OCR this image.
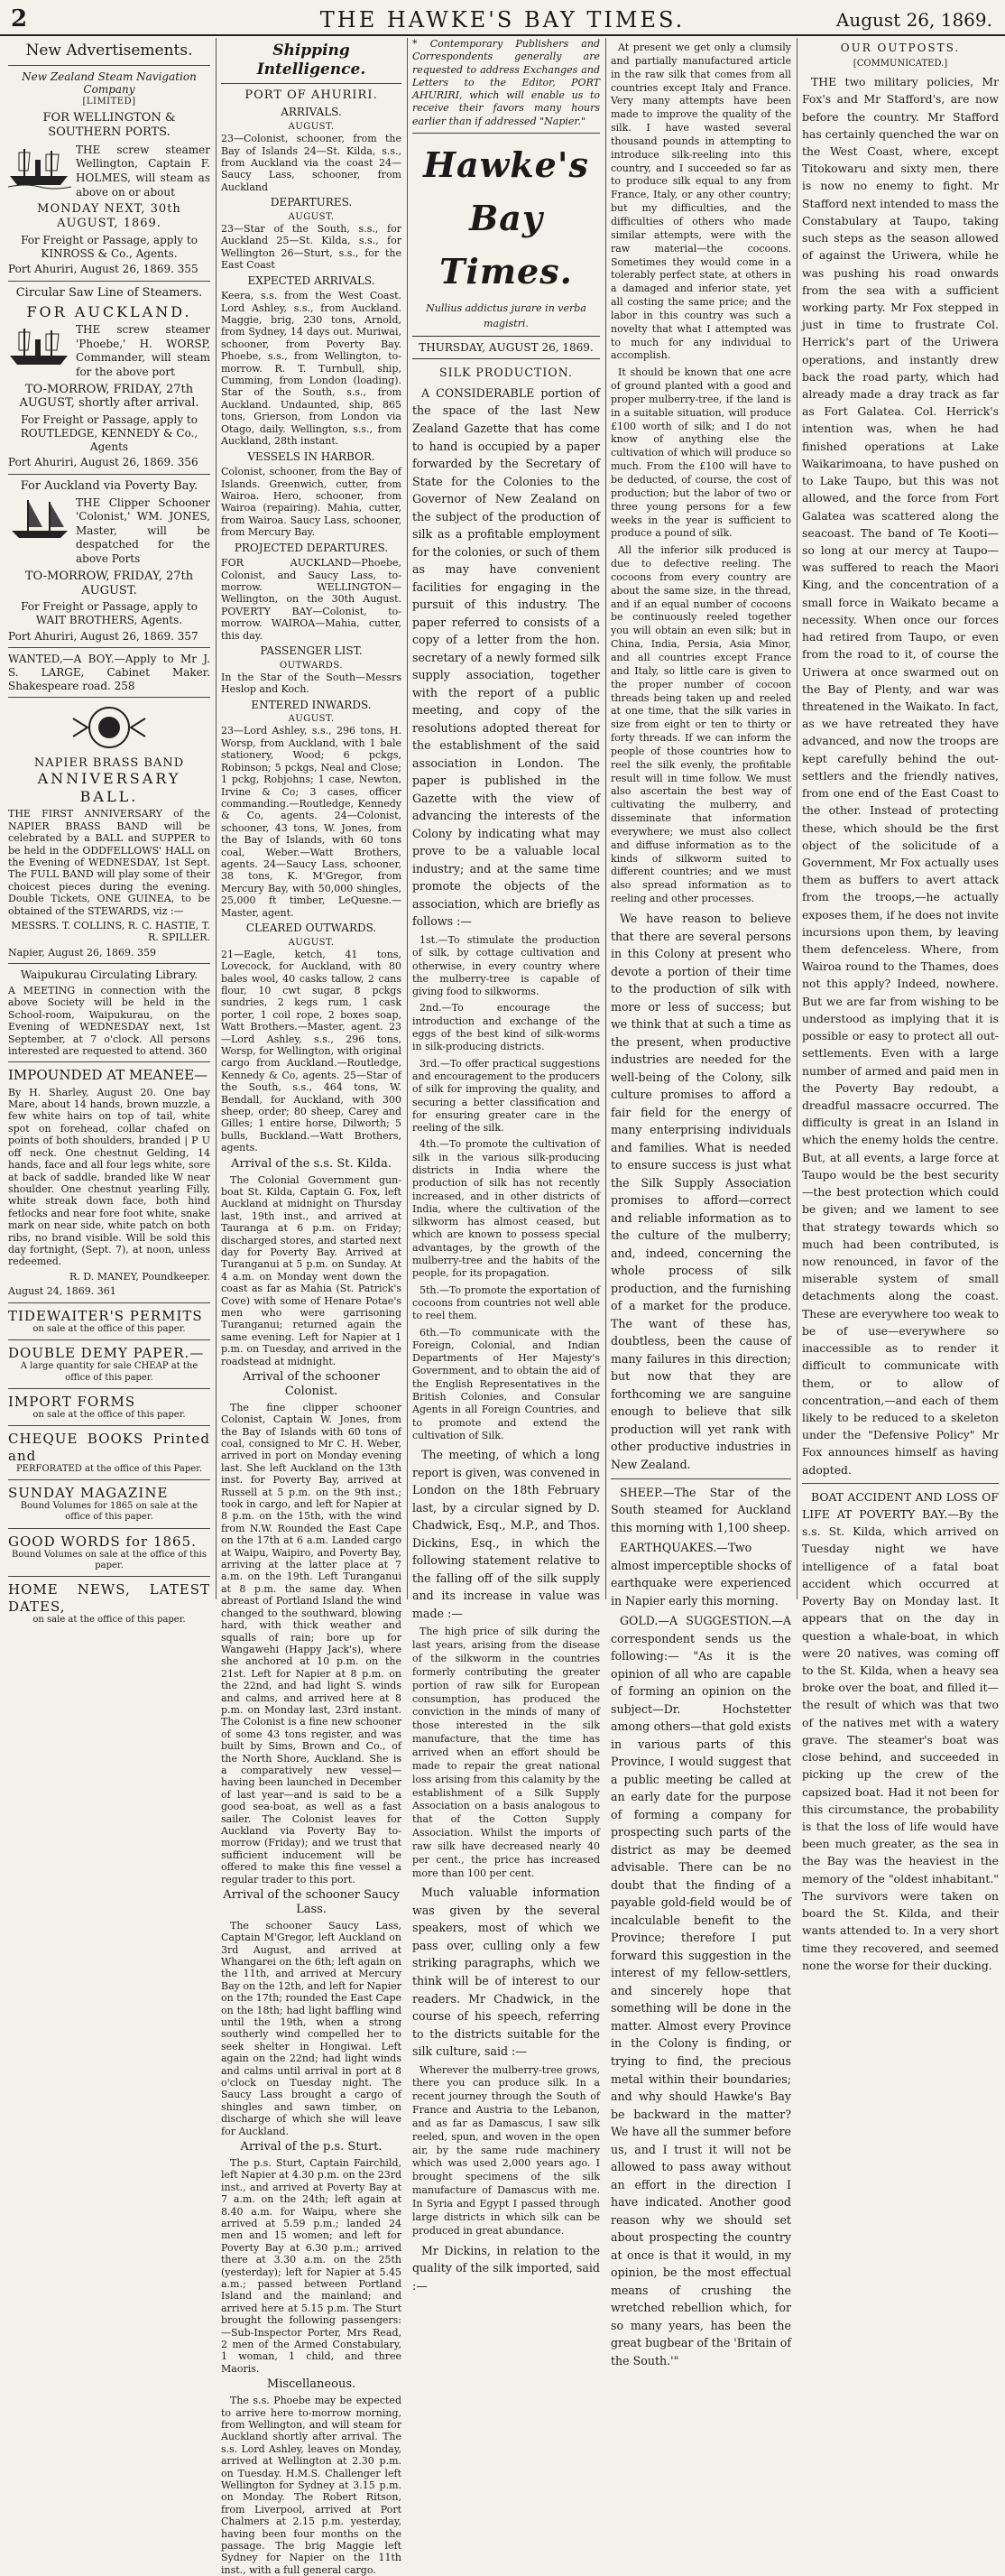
2	THE HAWKE'S BAY TIMES.	August 26, 1869.
New Advertisements.
New Zealand Steam Navigation Company
[LIMITED]
FOR WELLINGTON & SOUTHERN PORTS.
THE screw steamer Wellington, Captain F. HOLMES, will steam as above on or about
MONDAY NEXT, 30th AUGUST, 1869.
For Freight or Passage, apply to KINROSS & Co., Agents.
Port Ahuriri, August 26, 1869. 355
Circular Saw Line of Steamers.
FOR AUCKLAND.
THE screw steamer 'Phoebe,' H. WORSP, Commander, will steam for the above port
TO-MORROW, FRIDAY, 27th AUGUST, shortly after arrival.
For Freight or Passage, apply to ROUTLEDGE, KENNEDY & Co., Agents
Port Ahuriri, August 26, 1869. 356
For Auckland via Poverty Bay.
THE Clipper Schooner 'Colonist,' WM. JONES, Master, will be despatched for the above Ports
TO-MORROW, FRIDAY, 27th AUGUST.
For Freight or Passage, apply to WAIT BROTHERS, Agents.
Port Ahuriri, August 26, 1869. 357
WANTED,—A BOY.—Apply to Mr J. S. LARGE, Cabinet Maker. Shakespeare road. 258
NAPIER BRASS BAND
ANNIVERSARY BALL.
THE FIRST ANNIVERSARY of the NAPIER BRASS BAND will be celebrated by a BALL and SUPPER to be held in the ODDFELLOWS' HALL on the Evening of WEDNESDAY, 1st Sept. The FULL BAND will play some of their choicest pieces during the evening. Double Tickets, ONE GUINEA, to be obtained of the STEWARDS, viz :—
MESSRS. T. COLLINS, R. C. HASTIE, T. R. SPILLER.
Napier, August 26, 1869. 359
Waipukurau Circulating Library.
A MEETING in connection with the above Society will be held in the School-room, Waipukurau, on the Evening of WEDNESDAY next, 1st September, at 7 o'clock. All persons interested are requested to attend. 360
IMPOUNDED AT MEANEE—
By H. Sharley, August 20. One bay Mare, about 14 hands, brown muzzle, a few white hairs on top of tail, white spot on forehead, collar chafed on points of both shoulders, branded | P U off neck. One chestnut Gelding, 14 hands, face and all four legs white, sore at back of saddle, branded like W near shoulder. One chestnut yearling Filly, white streak down face, both hind fetlocks and near fore foot white, snake mark on near side, white patch on both ribs, no brand visible. Will be sold this day fortnight, (Sept. 7), at noon, unless redeemed.
R. D. MANEY, Poundkeeper.
August 24, 1869. 361
TIDEWAITER'S PERMITS
on sale at the office of this paper.
DOUBLE DEMY PAPER.—
A large quantity for sale CHEAP at the office of this paper.
IMPORT FORMS
on sale at the office of this paper.
CHEQUE BOOKS Printed and
PERFORATED at the office of this Paper.
SUNDAY MAGAZINE
Bound Volumes for 1865 on sale at the office of this paper.
GOOD WORDS for 1865.
Bound Volumes on sale at the office of this paper.
HOME NEWS, LATEST DATES,
on sale at the office of this paper.
Shipping Intelligence.
PORT OF AHURIRI.
ARRIVALS.
AUGUST.
23—Colonist, schooner, from the Bay of Islands 24—St. Kilda, s.s., from Auckland via the coast 24—Saucy Lass, schooner, from Auckland
DEPARTURES.
AUGUST.
23—Star of the South, s.s., for Auckland 25—St. Kilda, s.s., for Wellington 26—Sturt, s.s., for the East Coast
EXPECTED ARRIVALS.
Keera, s.s. from the West Coast. Lord Ashley, s.s., from Auckland. Maggie, brig, 230 tons, Arnold, from Sydney, 14 days out. Muriwai, schooner, from Poverty Bay. Phoebe, s.s., from Wellington, to-morrow. R. T. Turnbull, ship, Cumming, from London (loading). Star of the South, s.s., from Auckland. Undaunted, ship, 865 tons, Grierson, from London via Otago, daily. Wellington, s.s., from Auckland, 28th instant.
VESSELS IN HARBOR.
Colonist, schooner, from the Bay of Islands. Greenwich, cutter, from Wairoa. Hero, schooner, from Wairoa (repairing). Mahia, cutter, from Wairoa. Saucy Lass, schooner, from Mercury Bay.
PROJECTED DEPARTURES.
FOR AUCKLAND—Phoebe, Colonist, and Saucy Lass, to-morrow. WELLINGTON—Wellington, on the 30th August. POVERTY BAY—Colonist, to-morrow. WAIROA—Mahia, cutter, this day.
PASSENGER LIST.
OUTWARDS.
In the Star of the South—Messrs Heslop and Koch.
ENTERED INWARDS.
AUGUST.
23—Lord Ashley, s.s., 296 tons, H. Worsp, from Auckland, with 1 bale stationery, Wood; 6 pckgs, Robinson; 5 pckgs, Neal and Close; 1 pckg, Robjohns; 1 case, Newton, Irvine & Co; 3 cases, officer commanding.—Routledge, Kennedy & Co, agents. 24—Colonist, schooner, 43 tons, W. Jones, from the Bay of Islands, with 60 tons coal, Weber.—Watt Brothers, agents. 24—Saucy Lass, schooner, 38 tons, K. M'Gregor, from Mercury Bay, with 50,000 shingles, 25,000 ft timber, LeQuesne.—Master, agent.
CLEARED OUTWARDS.
AUGUST.
21—Eagle, ketch, 41 tons, Lovecock, for Auckland, with 80 bales wool, 40 casks tallow, 2 cans flour, 10 cwt sugar, 8 pckgs sundries, 2 kegs rum, 1 cask porter, 1 coil rope, 2 boxes soap, Watt Brothers.—Master, agent. 23—Lord Ashley, s.s., 296 tons, Worsp, for Wellington, with original cargo from Auckland.—Routledge, Kennedy & Co, agents. 25—Star of the South, s.s., 464 tons, W. Bendall, for Auckland, with 300 sheep, order; 80 sheep, Carey and Gilles; 1 entire horse, Dilworth; 5 bulls, Buckland.—Watt Brothers, agents.
Arrival of the s.s. St. Kilda.
The Colonial Government gun-boat St. Kilda, Captain G. Fox, left Auckland at midnight on Thursday last, 19th inst., and arrived at Tauranga at 6 p.m. on Friday; discharged stores, and started next day for Poverty Bay. Arrived at Turanganui at 5 p.m. on Sunday. At 4 a.m. on Monday went down the coast as far as Mahia (St. Patrick's Cove) with some of Henare Potae's men who were garrisoning Turanganui; returned again the same evening. Left for Napier at 1 p.m. on Tuesday, and arrived in the roadstead at midnight.
Arrival of the schooner Colonist.
The fine clipper schooner Colonist, Captain W. Jones, from the Bay of Islands with 60 tons of coal, consigned to Mr C. H. Weber, arrived in port on Monday evening last. She left Auckland on the 13th inst. for Poverty Bay, arrived at Russell at 5 p.m. on the 9th inst.; took in cargo, and left for Napier at 8 p.m. on the 15th, with the wind from N.W. Rounded the East Cape on the 17th at 6 a.m. Landed cargo at Waipu, Waipiro, and Poverty Bay, arriving at the latter place at 7 a.m. on the 19th. Left Turanganui at 8 p.m. the same day. When abreast of Portland Island the wind changed to the southward, blowing hard, with thick weather and squalls of rain; bore up for Wangawehi (Happy Jack's), where she anchored at 10 p.m. on the 21st. Left for Napier at 8 p.m. on the 22nd, and had light S. winds and calms, and arrived here at 8 p.m. on Monday last, 23rd instant. The Colonist is a fine new schooner of some 43 tons register, and was built by Sims, Brown and Co., of the North Shore, Auckland. She is a comparatively new vessel—having been launched in December of last year—and is said to be a good sea-boat, as well as a fast sailer. The Colonist leaves for Auckland via Poverty Bay to-morrow (Friday); and we trust that sufficient inducement will be offered to make this fine vessel a regular trader to this port.
Arrival of the schooner Saucy Lass.
The schooner Saucy Lass, Captain M'Gregor, left Auckland on 3rd August, and arrived at Whangarei on the 6th; left again on the 11th, and arrived at Mercury Bay on the 12th, and left for Napier on the 17th; rounded the East Cape on the 18th; had light baffling wind until the 19th, when a strong southerly wind compelled her to seek shelter in Hongiwai. Left again on the 22nd; had light winds and calms until arrival in port at 8 o'clock on Tuesday night. The Saucy Lass brought a cargo of shingles and sawn timber, on discharge of which she will leave for Auckland.
Arrival of the p.s. Sturt.
The p.s. Sturt, Captain Fairchild, left Napier at 4.30 p.m. on the 23rd inst., and arrived at Poverty Bay at 7 a.m. on the 24th; left again at 8.40 a.m. for Waipu, where she arrived at 5.59 p.m.; landed 24 men and 15 women; and left for Poverty Bay at 6.30 p.m.; arrived there at 3.30 a.m. on the 25th (yesterday); left for Napier at 5.45 a.m.; passed between Portland Island and the mainland; and arrived here at 5.15 p.m. The Sturt brought the following passengers:—Sub-Inspector Porter, Mrs Read, 2 men of the Armed Constabulary, 1 woman, 1 child, and three Maoris.
Miscellaneous.
The s.s. Phoebe may be expected to arrive here to-morrow morning, from Wellington, and will steam for Auckland shortly after arrival. The s.s. Lord Ashley, leaves on Monday, arrived at Wellington at 2.30 p.m. on Tuesday. H.M.S. Challenger left Wellington for Sydney at 3.15 p.m. on Monday. The Robert Ritson, from Liverpool, arrived at Port Chalmers at 2.15 p.m. yesterday, having been four months on the passage. The brig Maggie left Sydney for Napier on the 11th inst., with a full general cargo.
* Contemporary Publishers and Correspondents generally are requested to address Exchanges and Letters to the Editor, PORT AHURIRI, which will enable us to receive their favors many hours earlier than if addressed "Napier."
Hawke's Bay Times.
Nullius addictus jurare in verba magistri.
THURSDAY, AUGUST 26, 1869.
SILK PRODUCTION.
A CONSIDERABLE portion of the space of the last New Zealand Gazette that has come to hand is occupied by a paper forwarded by the Secretary of State for the Colonies to the Governor of New Zealand on the subject of the production of silk as a profitable employment for the colonies, or such of them as may have convenient facilities for engaging in the pursuit of this industry. The paper referred to consists of a copy of a letter from the hon. secretary of a newly formed silk supply association, together with the report of a public meeting, and copy of the resolutions adopted thereat for the establishment of the said association in London. The paper is published in the Gazette with the view of advancing the interests of the Colony by indicating what may prove to be a valuable local industry; and at the same time promote the objects of the association, which are briefly as follows :—
1st.—To stimulate the production of silk, by cottage cultivation and otherwise, in every country where the mulberry-tree is capable of giving food to silkworms.
2nd.—To encourage the introduction and exchange of the eggs of the best kind of silk-worms in silk-producing districts.
3rd.—To offer practical suggestions and encouragement to the producers of silk for improving the quality, and securing a better classification and for ensuring greater care in the reeling of the silk.
4th.—To promote the cultivation of silk in the various silk-producing districts in India where the production of silk has not recently increased, and in other districts of India, where the cultivation of the silkworm has almost ceased, but which are known to possess special advantages, by the growth of the mulberry-tree and the habits of the people, for its propagation.
5th.—To promote the exportation of cocoons from countries not well able to reel them.
6th.—To communicate with the Foreign, Colonial, and Indian Departments of Her Majesty's Government, and to obtain the aid of the English Representatives in the British Colonies, and Consular Agents in all Foreign Countries, and to promote and extend the cultivation of Silk.
The meeting, of which a long report is given, was convened in London on the 18th February last, by a circular signed by D. Chadwick, Esq., M.P., and Thos. Dickins, Esq., in which the following statement relative to the falling off of the silk supply and its increase in value was made :—
The high price of silk during the last years, arising from the disease of the silkworm in the countries formerly contributing the greater portion of raw silk for European consumption, has produced the conviction in the minds of many of those interested in the silk manufacture, that the time has arrived when an effort should be made to repair the great national loss arising from this calamity by the establishment of a Silk Supply Association on a basis analogous to that of the Cotton Supply Association. Whilst the imports of raw silk have decreased nearly 40 per cent., the price has increased more than 100 per cent.
Much valuable information was given by the several speakers, most of which we pass over, culling only a few striking paragraphs, which we think will be of interest to our readers. Mr Chadwick, in the course of his speech, referring to the districts suitable for the silk culture, said :—
Wherever the mulberry-tree grows, there you can produce silk. In a recent journey through the South of France and Austria to the Lebanon, and as far as Damascus, I saw silk reeled, spun, and woven in the open air, by the same rude machinery which was used 2,000 years ago. I brought specimens of the silk manufacture of Damascus with me. In Syria and Egypt I passed through large districts in which silk can be produced in great abundance.
Mr Dickins, in relation to the quality of the silk imported, said :—
At present we get only a clumsily and partially manufactured article in the raw silk that comes from all countries except Italy and France. Very many attempts have been made to improve the quality of the silk. I have wasted several thousand pounds in attempting to introduce silk-reeling into this country, and I succeeded so far as to produce silk equal to any from France, Italy, or any other country; but my difficulties, and the difficulties of others who made similar attempts, were with the raw material—the cocoons. Sometimes they would come in a tolerably perfect state, at others in a damaged and inferior state, yet all costing the same price; and the labor in this country was such a novelty that what I attempted was to much for any individual to accomplish.
It should be known that one acre of ground planted with a good and proper mulberry-tree, if the land is in a suitable situation, will produce £100 worth of silk; and I do not know of anything else the cultivation of which will produce so much. From the £100 will have to be deducted, of course, the cost of production; but the labor of two or three young persons for a few weeks in the year is sufficient to produce a pound of silk.
All the inferior silk produced is due to defective reeling. The cocoons from every country are about the same size, in the thread, and if an equal number of cocoons be continuously reeled together you will obtain an even silk; but in China, India, Persia, Asia Minor, and all countries except France and Italy, so little care is given to the proper number of cocoon threads being taken up and reeled at one time, that the silk varies in size from eight or ten to thirty or forty threads. If we can inform the people of those countries how to reel the silk evenly, the profitable result will in time follow. We must also ascertain the best way of cultivating the mulberry, and disseminate that information everywhere; we must also collect and diffuse information as to the kinds of silkworm suited to different countries; and we must also spread information as to reeling and other processes.
We have reason to believe that there are several persons in this Colony at present who devote a portion of their time to the production of silk with more or less of success; but we think that at such a time as the present, when productive industries are needed for the well-being of the Colony, silk culture promises to afford a fair field for the energy of many enterprising individuals and families. What is needed to ensure success is just what the Silk Supply Association promises to afford—correct and reliable information as to the culture of the mulberry; and, indeed, concerning the whole process of silk production, and the furnishing of a market for the produce. The want of these has, doubtless, been the cause of many failures in this direction; but now that they are forthcoming we are sanguine enough to believe that silk production will yet rank with other productive industries in New Zealand.
SHEEP.—The Star of the South steamed for Auckland this morning with 1,100 sheep.
EARTHQUAKES.—Two almost imperceptible shocks of earthquake were experienced in Napier early this morning.
GOLD.—A SUGGESTION.—A correspondent sends us the following:— "As it is the opinion of all who are capable of forming an opinion on the subject—Dr. Hochstetter among others—that gold exists in various parts of this Province, I would suggest that a public meeting be called at an early date for the purpose of forming a company for prospecting such parts of the district as may be deemed advisable. There can be no doubt that the finding of a payable gold-field would be of incalculable benefit to the Province; therefore I put forward this suggestion in the interest of my fellow-settlers, and sincerely hope that something will be done in the matter. Almost every Province in the Colony is finding, or trying to find, the precious metal within their boundaries; and why should Hawke's Bay be backward in the matter? We have all the summer before us, and I trust it will not be allowed to pass away without an effort in the direction I have indicated. Another good reason why we should set about prospecting the country at once is that it would, in my opinion, be the most effectual means of crushing the wretched rebellion which, for so many years, has been the great bugbear of the 'Britain of the South.'"
OUR OUTPOSTS.
[COMMUNICATED.]
THE two military policies, Mr Fox's and Mr Stafford's, are now before the country. Mr Stafford has certainly quenched the war on the West Coast, where, except Titokowaru and sixty men, there is now no enemy to fight. Mr Stafford next intended to mass the Constabulary at Taupo, taking such steps as the season allowed of against the Uriwera, while he was pushing his road onwards from the sea with a sufficient working party. Mr Fox stepped in just in time to frustrate Col. Herrick's part of the Uriwera operations, and instantly drew back the road party, which had already made a dray track as far as Fort Galatea. Col. Herrick's intention was, when he had finished operations at Lake Waikarimoana, to have pushed on to Lake Taupo, but this was not allowed, and the force from Fort Galatea was scattered along the seacoast. The band of Te Kooti—so long at our mercy at Taupo—was suffered to reach the Maori King, and the concentration of a small force in Waikato became a necessity. When once our forces had retired from Taupo, or even from the road to it, of course the Uriwera at once swarmed out on the Bay of Plenty, and war was threatened in the Waikato. In fact, as we have retreated they have advanced, and now the troops are kept carefully behind the out-settlers and the friendly natives, from one end of the East Coast to the other. Instead of protecting these, which should be the first object of the solicitude of a Government, Mr Fox actually uses them as buffers to avert attack from the troops,—he actually exposes them, if he does not invite incursions upon them, by leaving them defenceless. Where, from Wairoa round to the Thames, does not this apply? Indeed, nowhere. But we are far from wishing to be understood as implying that it is possible or easy to protect all out-settlements. Even with a large number of armed and paid men in the Poverty Bay redoubt, a dreadful massacre occurred. The difficulty is great in an Island in which the enemy holds the centre. But, at all events, a large force at Taupo would be the best security—the best protection which could be given; and we lament to see that strategy towards which so much had been contributed, is now renounced, in favor of the miserable system of small detachments along the coast. These are everywhere too weak to be of use—everywhere so inaccessible as to render it difficult to communicate with them, or to allow of concentration,—and each of them likely to be reduced to a skeleton under the "Defensive Policy" Mr Fox announces himself as having adopted.
BOAT ACCIDENT AND LOSS OF LIFE AT POVERTY BAY.—By the s.s. St. Kilda, which arrived on Tuesday night we have intelligence of a fatal boat accident which occurred at Poverty Bay on Monday last. It appears that on the day in question a whale-boat, in which were 20 natives, was coming off to the St. Kilda, when a heavy sea broke over the boat, and filled it—the result of which was that two of the natives met with a watery grave. The steamer's boat was close behind, and succeeded in picking up the crew of the capsized boat. Had it not been for this circumstance, the probability is that the loss of life would have been much greater, as the sea in the Bay was the heaviest in the memory of the "oldest inhabitant." The survivors were taken on board the St. Kilda, and their wants attended to. In a very short time they recovered, and seemed none the worse for their ducking.
